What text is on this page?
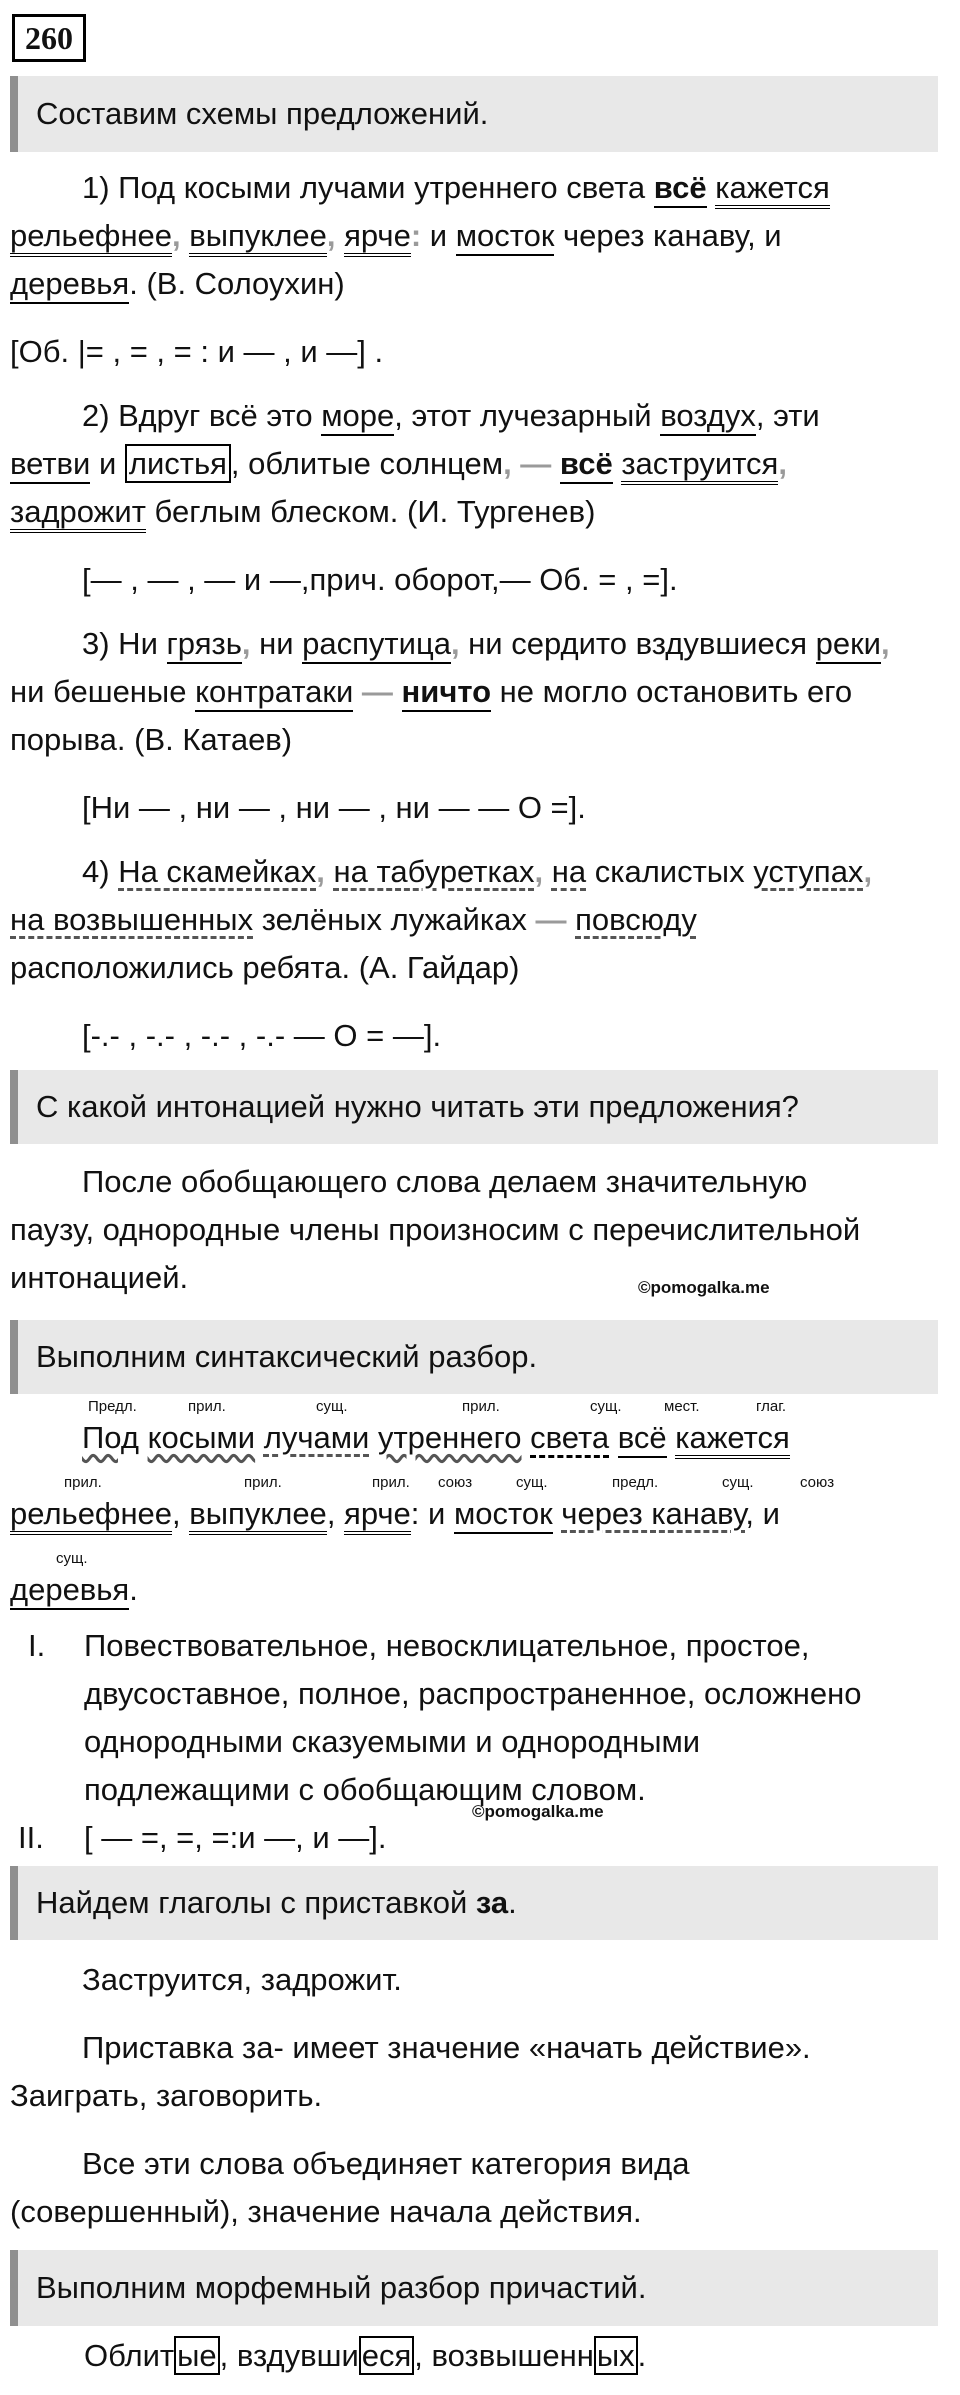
260
Составим схемы предложений.
1) Под косыми лучами утреннего света всё кажется
рельефнее, выпуклее, ярче: и мосток через канаву, и
деревья. (В. Солоухин)
[Об. |= , = , = : и — , и —] .
2) Вдруг всё это море, этот лучезарный воздух, эти
ветви и листья , облитые солнцем, — всё заструится,
задрожит беглым блеском. (И. Тургенев)
[— , — , — и —,прич. оборот,— Об. = , =].
3) Ни грязь, ни распутица, ни сердито вздувшиеся реки,
ни бешеные контратаки — ничто не могло остановить его
порыва. (В. Катаев)
[Ни — , ни — , ни — , ни — — О =].
4) На скамейках, на табуретках, на скалистых уступах,
на возвышенных зелёных лужайках — повсюду
расположились ребята. (А. Гайдар)
[-.- , -.- , -.- , -.- — О = —].
С какой интонацией нужно читать эти предложения?
После обобщающего слова делаем значительную
паузу, однородные члены произносим с перечислительной
интонацией.	©pomogalka.me
Выполним синтаксический разбор.
Предл.	прил.	сущ.	прил.	сущ.	мест.	глаг.
Под косыми лучами утреннего света всё кажется
прил.	прил.	прил. союз	сущ.	предл.	сущ.	союз
рельефнее, выпуклее, ярче: и мосток через канаву, и
сущ.
деревья.
I. Повествовательное, невосклицательное, простое,
двусоставное, полное, распространенное, осложнено
однородными сказуемыми и однородными
подлежащими с обобщающим словом.
©pomogalka.me
II. [ — =, =, =:и —, и —].
Найдем глаголы с приставкой за.
Заструится, задрожит.
Приставка за- имеет значение «начать действие».
Заиграть, заговорить.
Все эти слова объединяет категория вида
(совершенный), значение начала действия.
Выполним морфемный разбор причастий.
Облитые, вздувшиеся, возвышенных.
